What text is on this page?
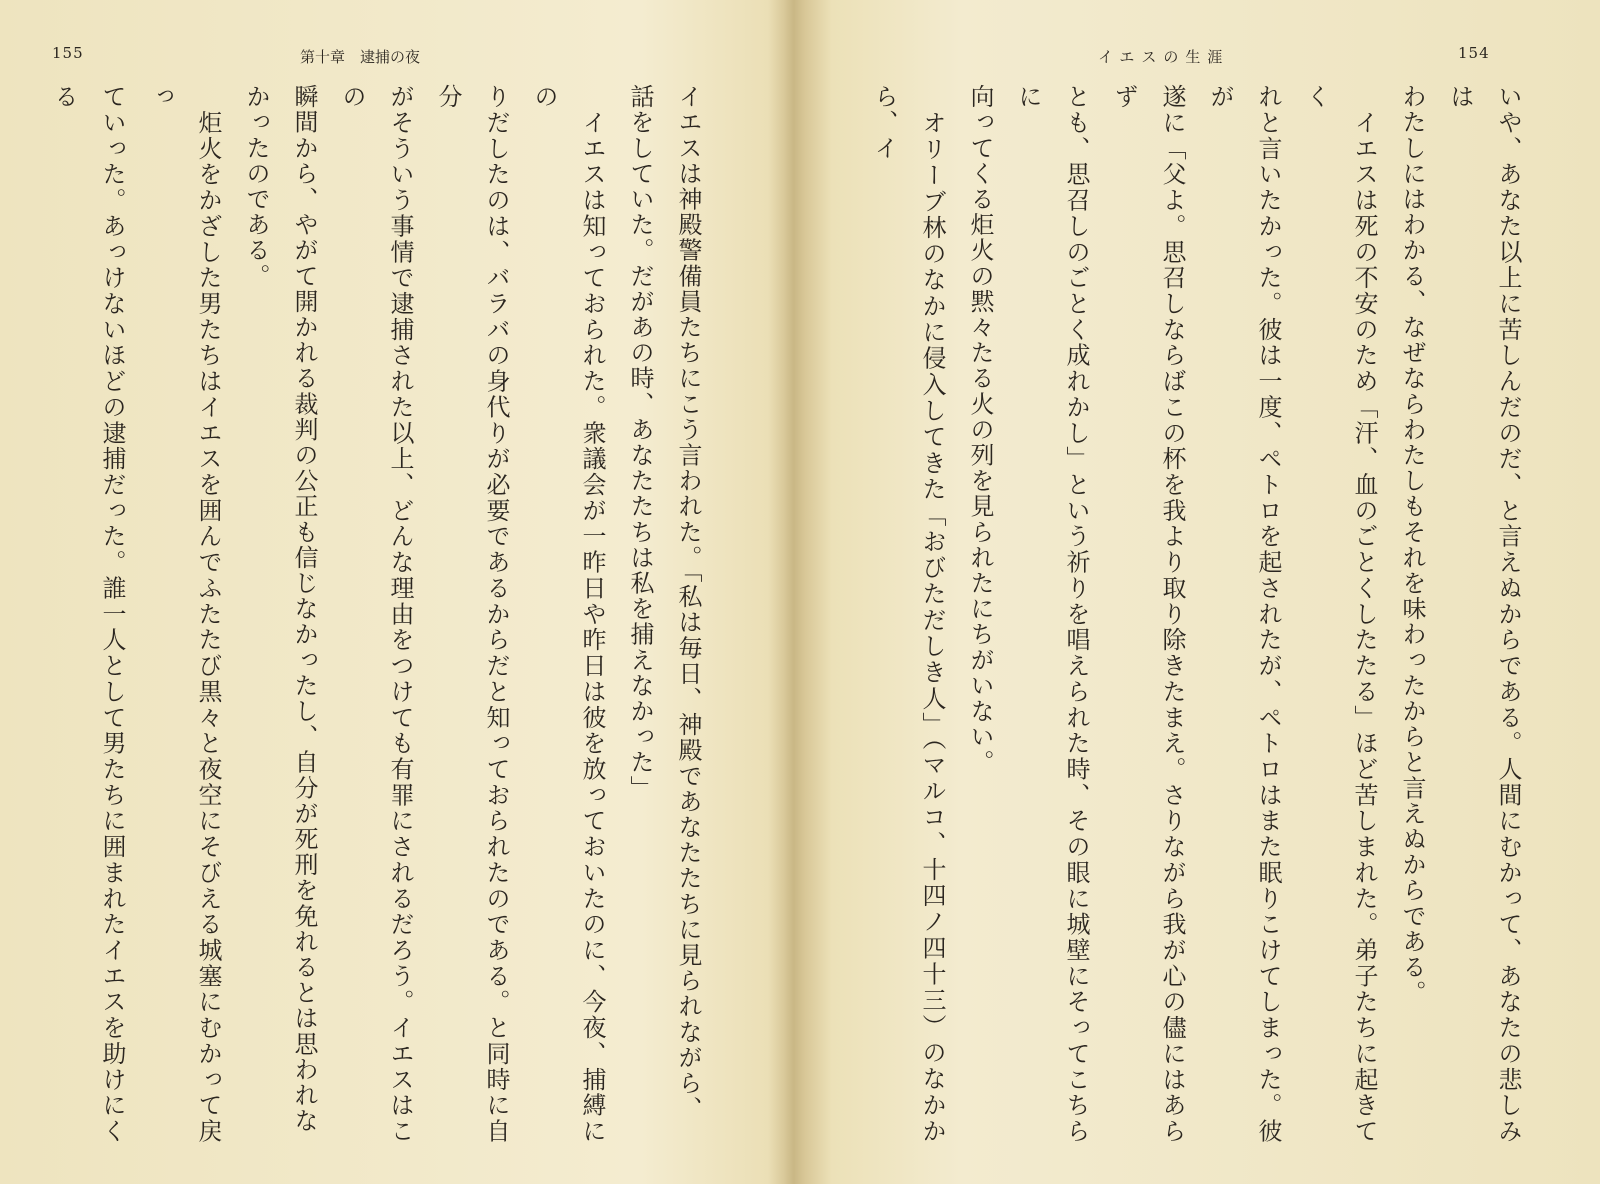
155	第十章　逮捕の夜

イエスは神殿警備員たちにこう言われた。「私は毎日、神殿であなたたちに見られながら、
話をしていた。だがあの時、あなたたちは私を捕えなかった」
　イエスは知っておられた。衆議会が一昨日や昨日は彼を放っておいたのに、今夜、捕縛にの
りだしたのは、バラバの身代りが必要であるからだと知っておられたのである。と同時に自分
がそういう事情で逮捕された以上、どんな理由をつけても有罪にされるだろう。イエスはこの
瞬間から、やがて開かれる裁判の公正も信じなかったし、自分が死刑を免れるとは思われな
かったのである。
　炬火をかざした男たちはイエスを囲んでふたたび黒々と夜空にそびえる城塞にむかって戻っ
ていった。あっけないほどの逮捕だった。誰一人として男たちに囲まれたイエスを助けにくる

イエスの生涯	154

いや、あなた以上に苦しんだのだ、と言えぬからである。人間にむかって、あなたの悲しみは
わたしにはわかる、なぜならわたしもそれを味わったからと言えぬからである。
　イエスは死の不安のため「汗、血のごとくしたたる」ほど苦しまれた。弟子たちに起きてく
れと言いたかった。彼は一度、ペトロを起されたが、ペトロはまた眠りこけてしまった。彼が
遂に「父よ。思召しならばこの杯を我より取り除きたまえ。さりながら我が心の儘にはあらず
とも、思召しのごとく成れかし」という祈りを唱えられた時、その眼に城壁にそってこちらに
向ってくる炬火の黙々たる火の列を見られたにちがいない。
　オリーブ林のなかに侵入してきた「おびただしき人」（マルコ、十四ノ四十三）のなかから、イ
